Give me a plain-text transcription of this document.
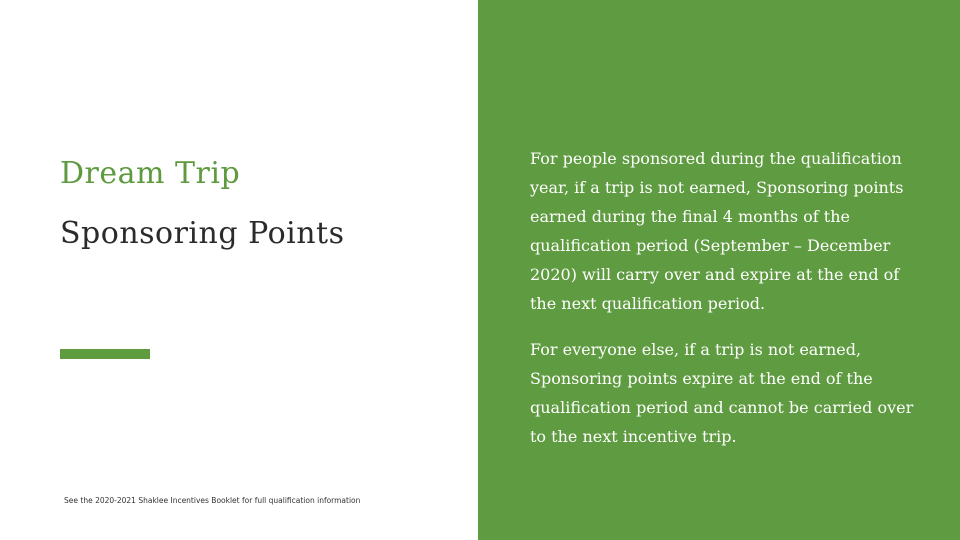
Dream Trip
Sponsoring Points
See the 2020-2021 Shaklee Incentives Booklet for full qualification information

For people sponsored during the qualification year, if a trip is not earned, Sponsoring points earned during the final 4 months of the qualification period (September – December 2020) will carry over and expire at the end of the next qualification period.

For everyone else, if a trip is not earned, Sponsoring points expire at the end of the qualification period and cannot be carried over to the next incentive trip.
